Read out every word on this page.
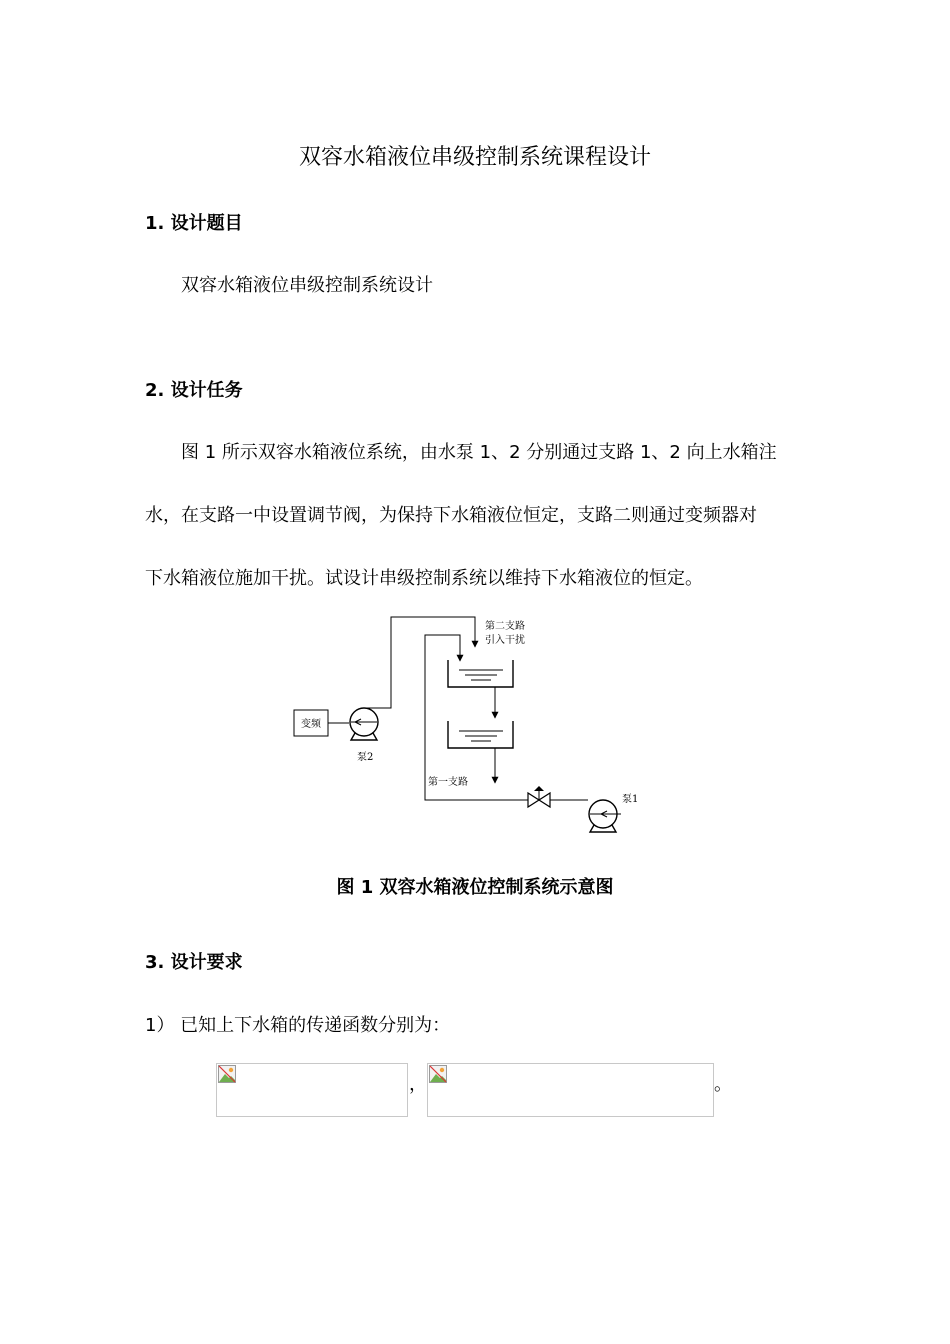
双容水箱液位串级控制系统课程设计
1. 设计题目
双容水箱液位串级控制系统设计
2. 设计任务
图 1 所示双容水箱液位系统，由水泵 1、2 分别通过支路 1、2 向上水箱注
水，在支路一中设置调节阀，为保持下水箱液位恒定，支路二则通过变频器对
下水箱液位施加干扰。试设计串级控制系统以维持下水箱液位的恒定。
变频
泵2
第二支路
引入干扰
第一支路
泵1
图 1 双容水箱液位控制系统示意图
3. 设计要求
1） 已知上下水箱的传递函数分别为：
，	。
